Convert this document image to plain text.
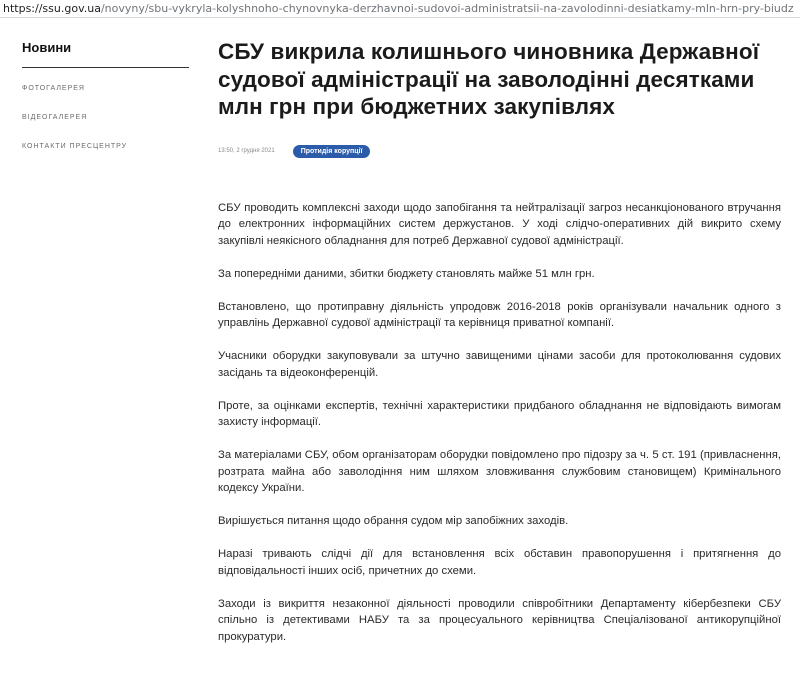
https://ssu.gov.ua/novyny/sbu-vykryla-kolyshnoho-chynovnyka-derzhavnoi-sudovoi-administratsii-na-zavolodinni-desiatkamy-mln-hrn-pry-biudz
Новини
ФОТОГАЛЕРЕЯ
ВІДЕОГАЛЕРЕЯ
КОНТАКТИ ПРЕСЦЕНТРУ
СБУ викрила колишнього чиновника Державної судової адміністрації на заволодінні десятками млн грн при бюджетних закупівлях
13:50, 2 грудня 2021	Протидія корупції

СБУ проводить комплексні заходи щодо запобігання та нейтралізації загроз несанкціонованого втручання до електронних інформаційних систем держустанов. У ході слідчо-оперативних дій викрито схему закупівлі неякісного обладнання для потреб Державної судової адміністрації.

За попередніми даними, збитки бюджету становлять майже 51 млн грн.

Встановлено, що протиправну діяльність упродовж 2016-2018 років організували начальник одного з управлінь Державної судової адміністрації та керівниця приватної компанії.

Учасники оборудки закуповували за штучно завищеними цінами засоби для протоколювання судових засідань та відеоконференцій.

Проте, за оцінками експертів, технічні характеристики придбаного обладнання не відповідають вимогам захисту інформації.

За матеріалами СБУ, обом організаторам оборудки повідомлено про підозру за ч. 5 ст. 191 (привласнення, розтрата майна або заволодіння ним шляхом зловживання службовим становищем) Кримінального кодексу України.

Вирішується питання щодо обрання судом мір запобіжних заходів.

Наразі тривають слідчі дії для встановлення всіх обставин правопорушення і притягнення до відповідальності інших осіб, причетних до схеми.

Заходи із викриття незаконної діяльності проводили співробітники Департаменту кібербезпеки СБУ спільно із детективами НАБУ та за процесуального керівництва Спеціалізованої антикорупційної прокуратури.
